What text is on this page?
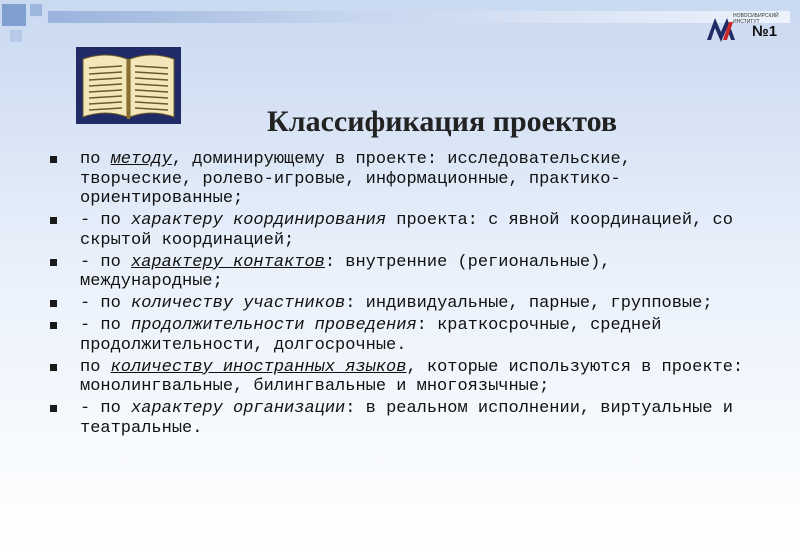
НОВОСИБИРСКИЙ
ИНСТИТУТ
№1
Классификация проектов
по методу, доминирующему в проекте: исследовательские, творческие, ролево-игровые, информационные, практико-ориентированные;
- по характеру координирования проекта: с явной координацией, со скрытой координацией;
- по характеру контактов: внутренние (региональные), международные;
- по количеству участников: индивидуальные, парные, групповые;
- по продолжительности проведения: краткосрочные, средней продолжительности, долгосрочные.
по количеству иностранных языков, которые используются в проекте: монолингвальные, билингвальные и многоязычные;
- по характеру организации: в реальном исполнении, виртуальные и театральные.
